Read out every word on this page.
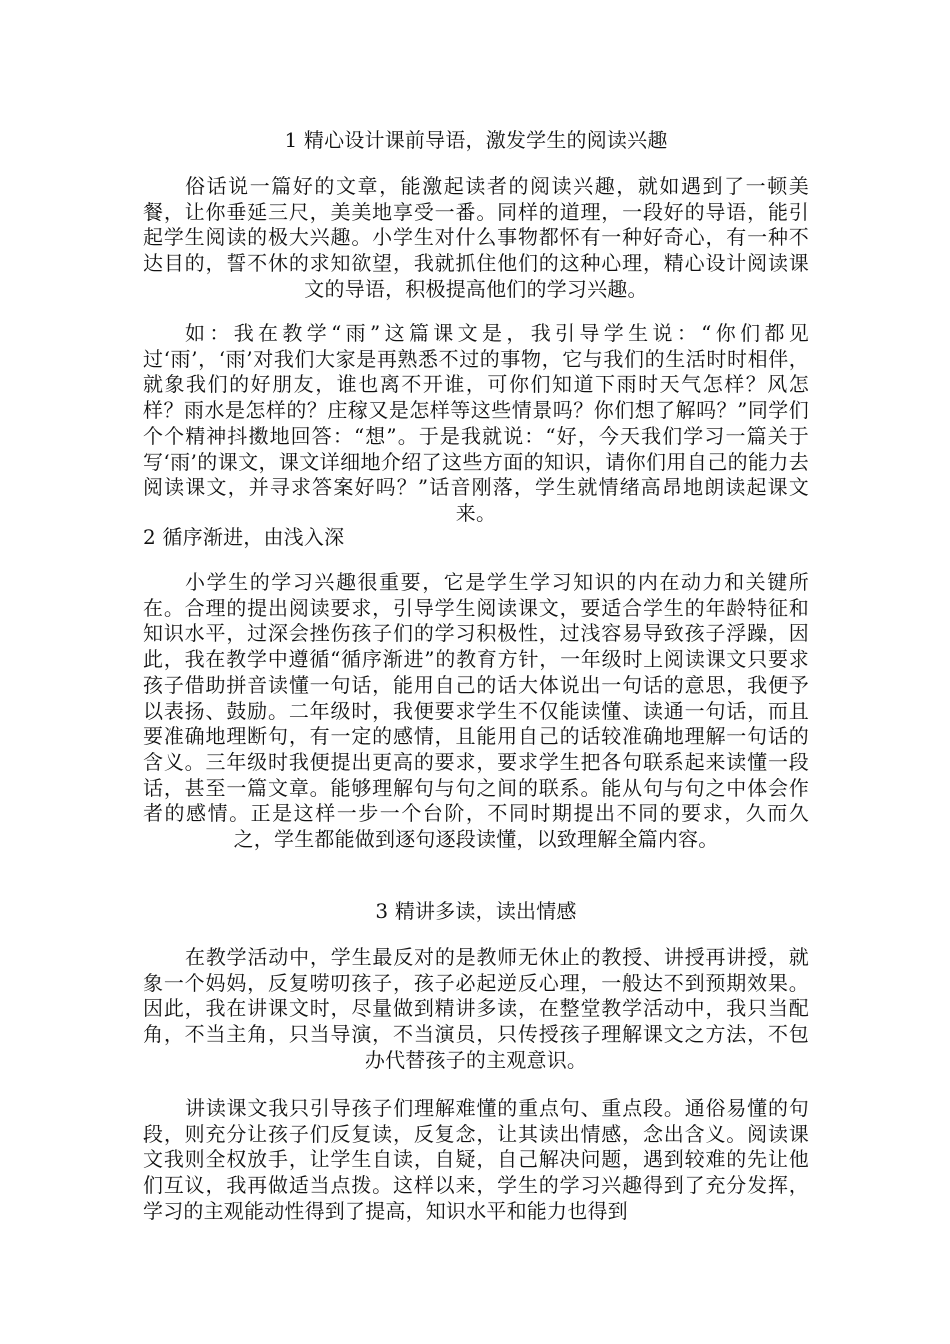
1 精心设计课前导语，激发学生的阅读兴趣
俗话说一篇好的文章，能激起读者的阅读兴趣，就如遇到了一顿美餐，让你垂延三尺，美美地享受一番。同样的道理，一段好的导语，能引起学生阅读的极大兴趣。小学生对什么事物都怀有一种好奇心，有一种不达目的，誓不休的求知欲望，我就抓住他们的这种心理，精心设计阅读课文的导语，积极提高他们的学习兴趣。
如：我在教学“雨”这篇课文是，我引导学生说：“你们都见过‘雨’，‘雨’对我们大家是再熟悉不过的事物，它与我们的生活时时相伴，就象我们的好朋友，谁也离不开谁，可你们知道下雨时天气怎样？风怎样？雨水是怎样的？庄稼又是怎样等这些情景吗？你们想了解吗？”同学们个个精神抖擞地回答：“想”。于是我就说：“好，今天我们学习一篇关于写‘雨’的课文，课文详细地介绍了这些方面的知识，请你们用自己的能力去阅读课文，并寻求答案好吗？”话音刚落，学生就情绪高昂地朗读起课文来。
2 循序渐进，由浅入深
小学生的学习兴趣很重要，它是学生学习知识的内在动力和关键所在。合理的提出阅读要求，引导学生阅读课文，要适合学生的年龄特征和知识水平，过深会挫伤孩子们的学习积极性，过浅容易导致孩子浮躁，因此，我在教学中遵循“循序渐进”的教育方针，一年级时上阅读课文只要求孩子借助拼音读懂一句话，能用自己的话大体说出一句话的意思，我便予以表扬、鼓励。二年级时，我便要求学生不仅能读懂、读通一句话，而且要准确地理断句，有一定的感情，且能用自己的话较准确地理解一句话的含义。三年级时我便提出更高的要求，要求学生把各句联系起来读懂一段话，甚至一篇文章。能够理解句与句之间的联系。能从句与句之中体会作者的感情。正是这样一步一个台阶，不同时期提出不同的要求，久而久之，学生都能做到逐句逐段读懂，以致理解全篇内容。
3 精讲多读，读出情感
在教学活动中，学生最反对的是教师无休止的教授、讲授再讲授，就象一个妈妈，反复唠叨孩子，孩子必起逆反心理，一般达不到预期效果。因此，我在讲课文时，尽量做到精讲多读，在整堂教学活动中，我只当配角，不当主角，只当导演，不当演员，只传授孩子理解课文之方法，不包办代替孩子的主观意识。
讲读课文我只引导孩子们理解难懂的重点句、重点段。通俗易懂的句段，则充分让孩子们反复读，反复念，让其读出情感，念出含义。阅读课文我则全权放手，让学生自读，自疑，自己解决问题，遇到较难的先让他们互议，我再做适当点拨。这样以来，学生的学习兴趣得到了充分发挥，学习的主观能动性得到了提高，知识水平和能力也得到
